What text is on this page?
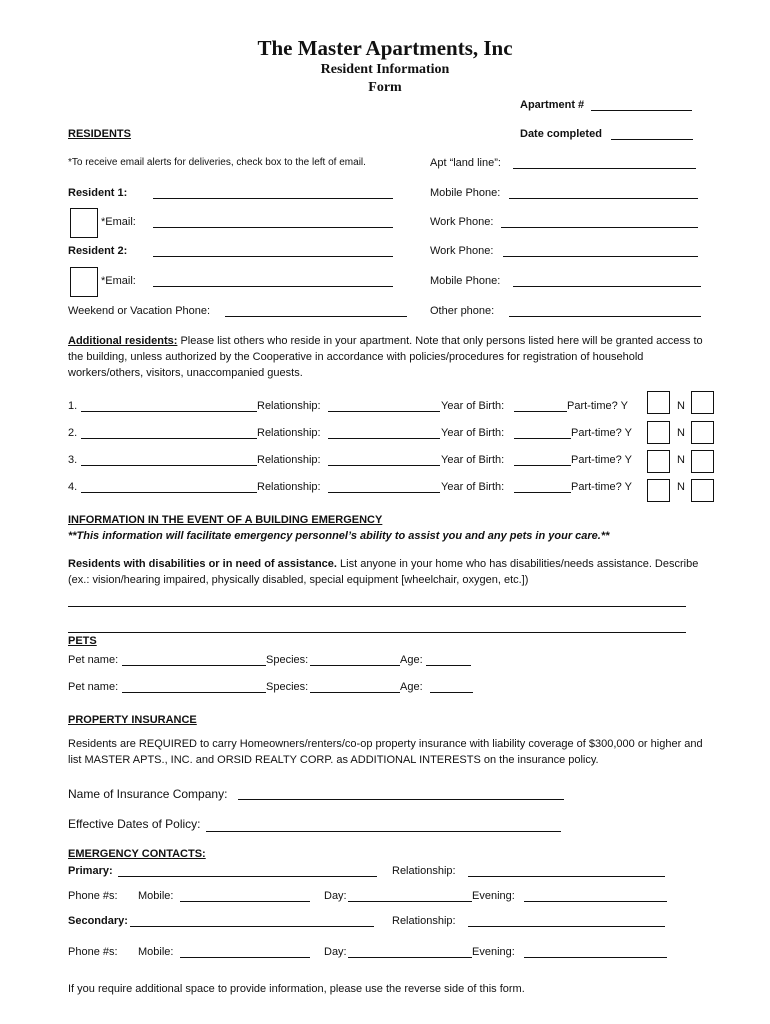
The Master Apartments, Inc
Resident Information
Form
Apartment #
RESIDENTS	Date completed
*To receive email alerts for deliveries, check box to the left of email.	Apt “land line”:
Resident 1:	Mobile Phone:
*Email:	Work Phone:
Resident 2:	Work Phone:
*Email:	Mobile Phone:
Weekend or Vacation Phone:	Other phone:
Additional residents: Please list others who reside in your apartment. Note that only persons listed here will be granted access to the building, unless authorized by the Cooperative in accordance with policies/procedures for registration of household workers/others, visitors, unaccompanied guests.
1.	Relationship:	Year of Birth:	Part-time? Y	N
2.	Relationship:	Year of Birth:	Part-time? Y	N
3.	Relationship:	Year of Birth:	Part-time? Y	N
4.	Relationship:	Year of Birth:	Part-time? Y	N
INFORMATION IN THE EVENT OF A BUILDING EMERGENCY
**This information will facilitate emergency personnel’s ability to assist you and any pets in your care.**
Residents with disabilities or in need of assistance. List anyone in your home who has disabilities/needs assistance. Describe (ex.: vision/hearing impaired, physically disabled, special equipment [wheelchair, oxygen, etc.])
PETS
Pet name:	Species:	Age:
Pet name:	Species:	Age:
PROPERTY INSURANCE
Residents are REQUIRED to carry Homeowners/renters/co-op property insurance with liability coverage of $300,000 or higher and list MASTER APTS., INC. and ORSID REALTY CORP. as ADDITIONAL INTERESTS on the insurance policy.
Name of Insurance Company:
Effective Dates of Policy:
EMERGENCY CONTACTS:
Primary:	Relationship:
Phone #s: Mobile:	Day:	Evening:
Secondary:	Relationship:
Phone #s: Mobile:	Day:	Evening:
If you require additional space to provide information, please use the reverse side of this form.
